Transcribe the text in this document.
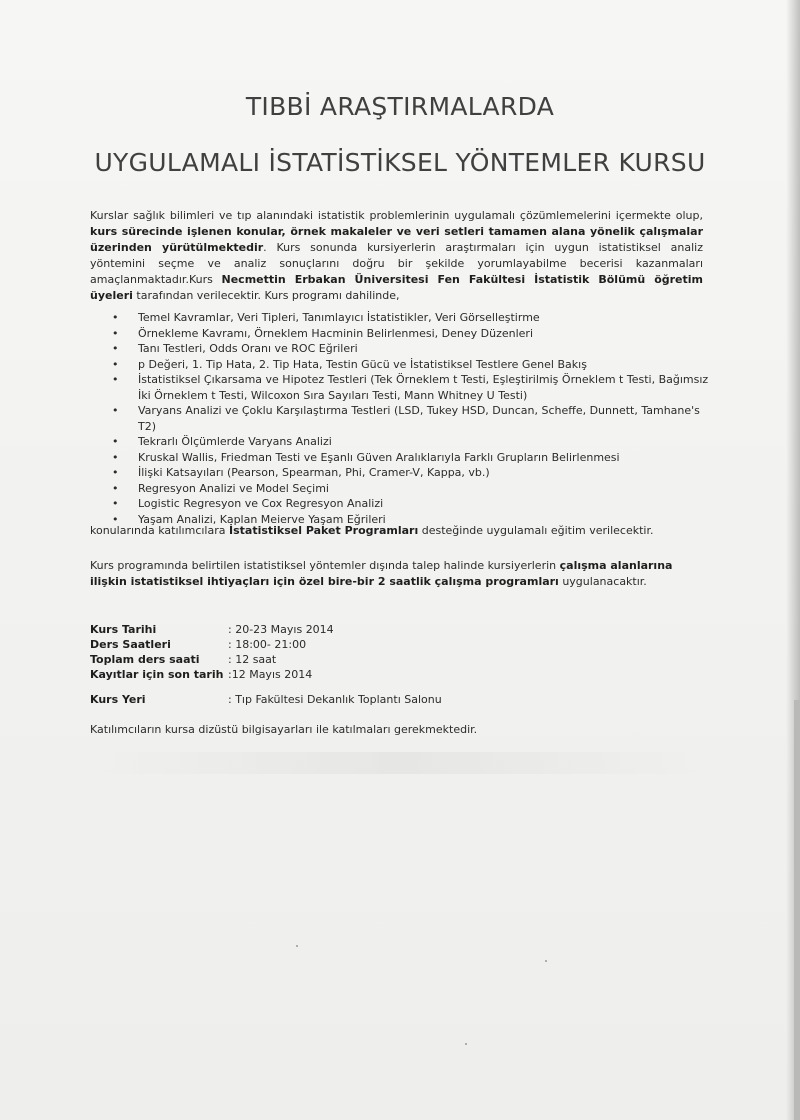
TIBBİ ARAŞTIRMALARDA
UYGULAMALI İSTATİSTİKSEL YÖNTEMLER KURSU

Kurslar sağlık bilimleri ve tıp alanındaki istatistik problemlerinin uygulamalı çözümlemelerini içermekte olup, kurs sürecinde işlenen konular, örnek makaleler ve veri setleri tamamen alana yönelik çalışmalar üzerinden yürütülmektedir. Kurs sonunda kursiyerlerin araştırmaları için uygun istatistiksel analiz yöntemini seçme ve analiz sonuçlarını doğru bir şekilde yorumlayabilme becerisi kazanmaları amaçlanmaktadır.Kurs Necmettin Erbakan Üniversitesi Fen Fakültesi İstatistik Bölümü öğretim üyeleri tarafından verilecektir. Kurs programı dahilinde,

• Temel Kavramlar, Veri Tipleri, Tanımlayıcı İstatistikler, Veri Görselleştirme
• Örnekleme Kavramı, Örneklem Hacminin Belirlenmesi, Deney Düzenleri
• Tanı Testleri, Odds Oranı ve ROC Eğrileri
• p Değeri, 1. Tip Hata, 2. Tip Hata, Testin Gücü ve İstatistiksel Testlere Genel Bakış
• İstatistiksel Çıkarsama ve Hipotez Testleri (Tek Örneklem t Testi, Eşleştirilmiş Örneklem t Testi, Bağımsız İki Örneklem t Testi, Wilcoxon Sıra Sayıları Testi, Mann Whitney U Testi)
• Varyans Analizi ve Çoklu Karşılaştırma Testleri (LSD, Tukey HSD, Duncan, Scheffe, Dunnett, Tamhane's T2)
• Tekrarlı Ölçümlerde Varyans Analizi
• Kruskal Wallis, Friedman Testi ve Eşanlı Güven Aralıklarıyla Farklı Grupların Belirlenmesi
• İlişki Katsayıları (Pearson, Spearman, Phi, Cramer-V, Kappa, vb.)
• Regresyon Analizi ve Model Seçimi
• Logistic Regresyon ve Cox Regresyon Analizi
• Yaşam Analizi, Kaplan Meierve Yaşam Eğrileri

konularında katılımcılara İstatistiksel Paket Programları desteğinde uygulamalı eğitim verilecektir.

Kurs programında belirtilen istatistiksel yöntemler dışında talep halinde kursiyerlerin çalışma alanlarına ilişkin istatistiksel ihtiyaçları için özel bire-bir 2 saatlik çalışma programları uygulanacaktır.

Kurs Tarihi	: 20-23 Mayıs 2014
Ders Saatleri	: 18:00- 21:00
Toplam ders saati	: 12 saat
Kayıtlar için son tarih :12 Mayıs 2014
Kurs Yeri	: Tıp Fakültesi Dekanlık Toplantı Salonu

Katılımcıların kursa dizüstü bilgisayarları ile katılmaları gerekmektedir.
